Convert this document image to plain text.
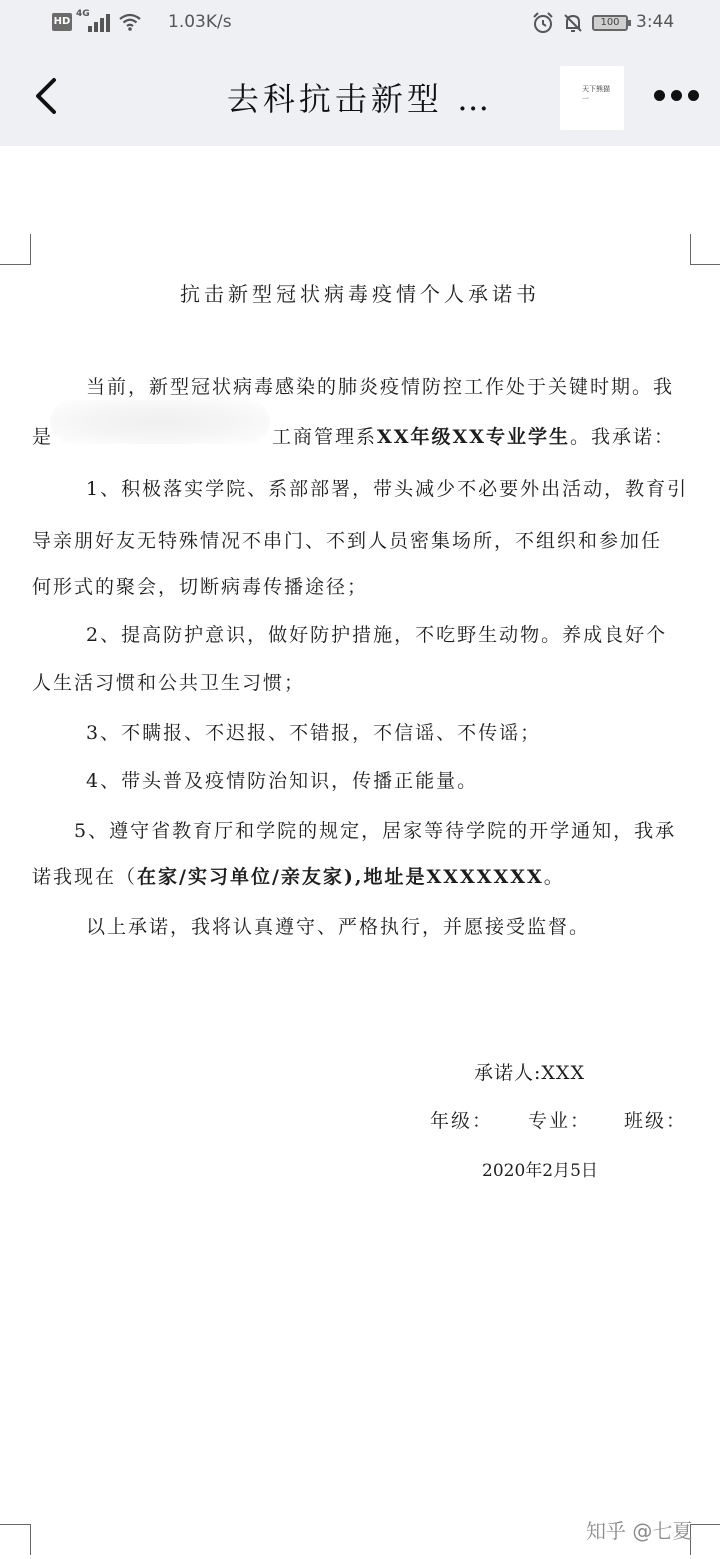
HD
4G	1.03K/s	100 3:44
去科抗击新型 …	天下熊猫
一
抗击新型冠状病毒疫情个人承诺书
当前，新型冠状病毒感染的肺炎疫情防控工作处于关键时期。我
是	工商管理系XX年级XX专业学生。我承诺：
1、积极落实学院、系部部署，带头减少不必要外出活动，教育引
导亲朋好友无特殊情况不串门、不到人员密集场所，不组织和参加任
何形式的聚会，切断病毒传播途径；
2、提高防护意识，做好防护措施，不吃野生动物。养成良好个
人生活习惯和公共卫生习惯；
3、不瞒报、不迟报、不错报，不信谣、不传谣；
4、带头普及疫情防治知识，传播正能量。
5、遵守省教育厅和学院的规定，居家等待学院的开学通知，我承
诺我现在（在家/实习单位/亲友家),地址是XXXXXXX。
以上承诺，我将认真遵守、严格执行，并愿接受监督。
承诺人:XXX
年级： 专业： 班级：
2020年2月5日
知乎 @七夏
